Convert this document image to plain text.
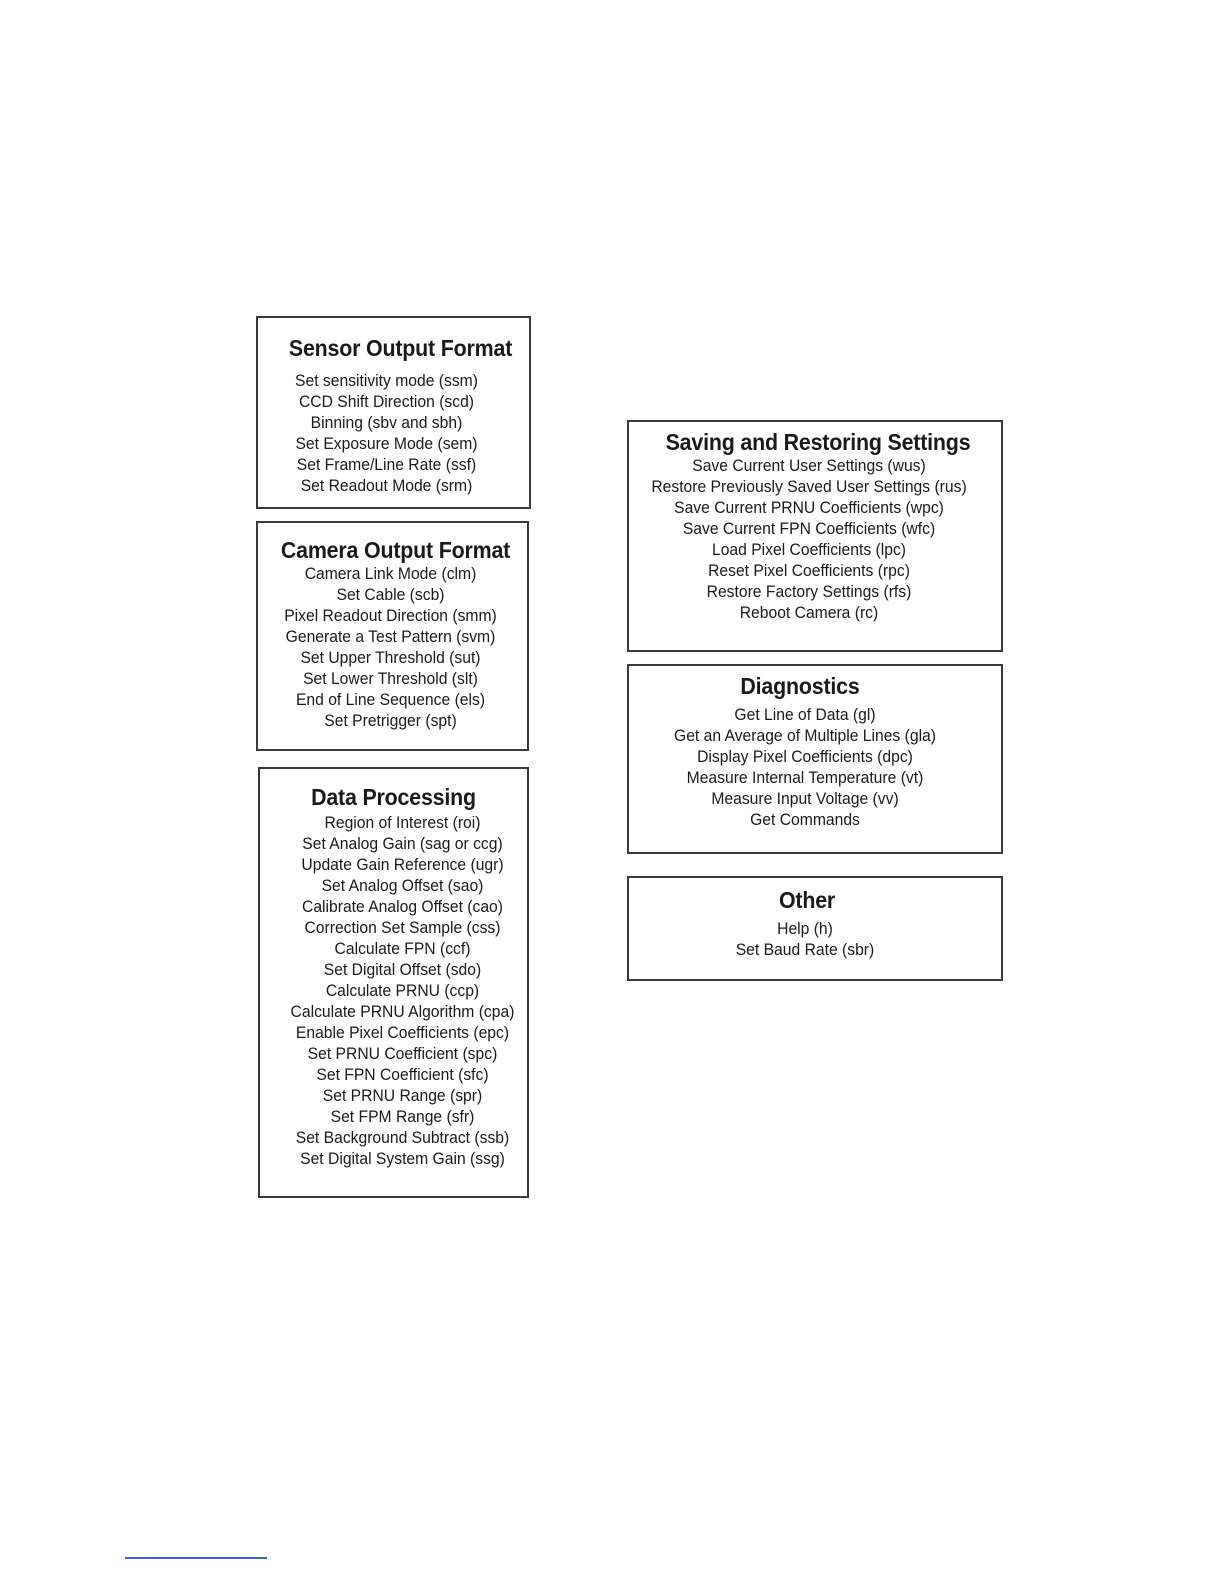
Sensor Output Format
Set sensitivity mode (ssm)
CCD Shift Direction (scd)
Binning (sbv and sbh)
Set Exposure Mode (sem)
Set Frame/Line Rate (ssf)
Set Readout Mode (srm)
Camera Output Format
Camera Link Mode (clm)
Set Cable (scb)
Pixel Readout Direction (smm)
Generate a Test Pattern (svm)
Set Upper Threshold (sut)
Set Lower Threshold (slt)
End of Line Sequence (els)
Set Pretrigger (spt)
Data Processing
Region of Interest (roi)
Set Analog Gain (sag or ccg)
Update Gain Reference (ugr)
Set Analog Offset (sao)
Calibrate Analog Offset (cao)
Correction Set Sample (css)
Calculate FPN (ccf)
Set Digital Offset (sdo)
Calculate PRNU (ccp)
Calculate PRNU Algorithm (cpa)
Enable Pixel Coefficients (epc)
Set PRNU Coefficient (spc)
Set FPN Coefficient (sfc)
Set PRNU Range (spr)
Set FPM Range (sfr)
Set Background Subtract (ssb)
Set Digital System Gain (ssg)
Saving and Restoring Settings
Save Current User Settings (wus)
Restore Previously Saved User Settings (rus)
Save Current PRNU Coefficients (wpc)
Save Current FPN Coefficients (wfc)
Load Pixel Coefficients (lpc)
Reset Pixel Coefficients (rpc)
Restore Factory Settings (rfs)
Reboot Camera (rc)
Diagnostics
Get Line of Data (gl)
Get an Average of Multiple Lines (gla)
Display Pixel Coefficients (dpc)
Measure Internal Temperature (vt)
Measure Input Voltage (vv)
Get Commands
Other
Help (h)
Set Baud Rate (sbr)
